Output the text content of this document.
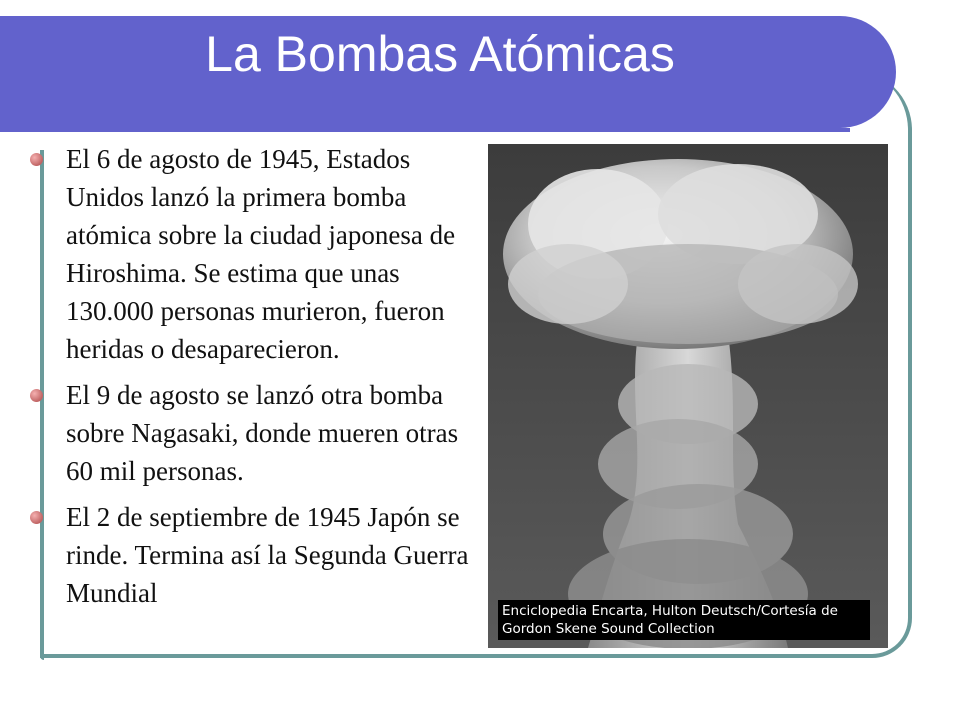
La Bombas Atómicas
El 6 de agosto de 1945, Estados Unidos lanzó la primera bomba atómica sobre la ciudad japonesa de Hiroshima. Se estima que unas 130.000 personas murieron, fueron heridas o desaparecieron.
El 9 de agosto se lanzó otra bomba sobre Nagasaki, donde mueren otras 60 mil personas.
El 2 de septiembre de 1945 Japón se rinde. Termina así la Segunda Guerra Mundial
Enciclopedia Encarta, Hulton Deutsch/Cortesía de
Gordon Skene Sound Collection
